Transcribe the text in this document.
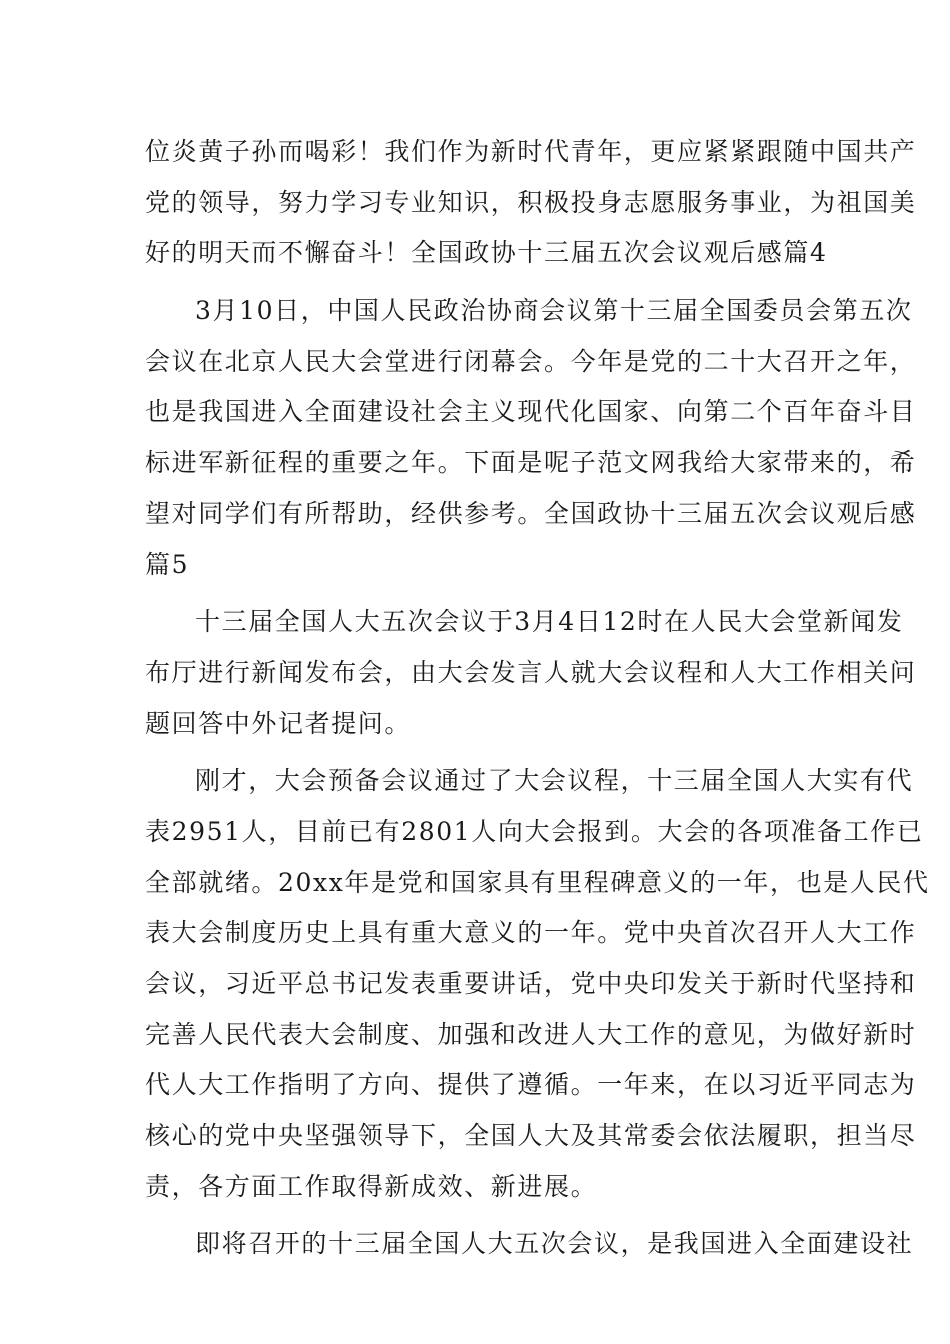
位炎黄子孙而喝彩！我们作为新时代青年，更应紧紧跟随中国共产
党的领导，努力学习专业知识，积极投身志愿服务事业，为祖国美
好的明天而不懈奋斗！全国政协十三届五次会议观后感篇4
3月10日，中国人民政治协商会议第十三届全国委员会第五次
会议在北京人民大会堂进行闭幕会。今年是党的二十大召开之年，
也是我国进入全面建设社会主义现代化国家、向第二个百年奋斗目
标进军新征程的重要之年。下面是呢子范文网我给大家带来的，希
望对同学们有所帮助，经供参考。全国政协十三届五次会议观后感
篇5
十三届全国人大五次会议于3月4日12时在人民大会堂新闻发
布厅进行新闻发布会，由大会发言人就大会议程和人大工作相关问
题回答中外记者提问。
刚才，大会预备会议通过了大会议程，十三届全国人大实有代
表2951人，目前已有2801人向大会报到。大会的各项准备工作已
全部就绪。20xx年是党和国家具有里程碑意义的一年，也是人民代
表大会制度历史上具有重大意义的一年。党中央首次召开人大工作
会议，习近平总书记发表重要讲话，党中央印发关于新时代坚持和
完善人民代表大会制度、加强和改进人大工作的意见，为做好新时
代人大工作指明了方向、提供了遵循。一年来，在以习近平同志为
核心的党中央坚强领导下，全国人大及其常委会依法履职，担当尽
责，各方面工作取得新成效、新进展。
即将召开的十三届全国人大五次会议，是我国进入全面建设社
